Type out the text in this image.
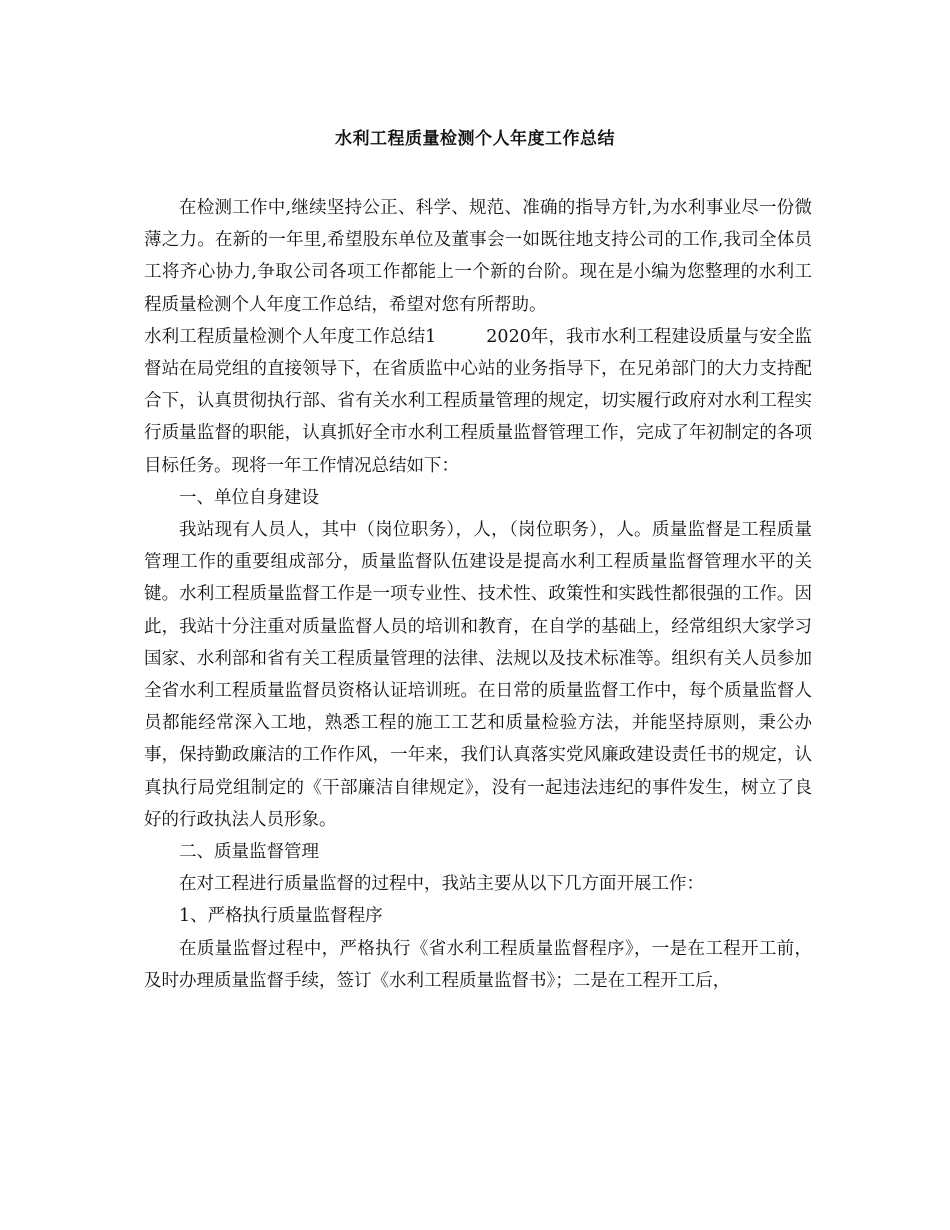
水利工程质量检测个人年度工作总结

在检测工作中,继续坚持公正、科学、规范、准确的指导方针,为水利事业尽一份微薄之力。在新的一年里,希望股东单位及董事会一如既往地支持公司的工作,我司全体员工将齐心协力,争取公司各项工作都能上一个新的台阶。现在是小编为您整理的水利工程质量检测个人年度工作总结，希望对您有所帮助。

水利工程质量检测个人年度工作总结1	2020年，我市水利工程建设质量与安全监督站在局党组的直接领导下，在省质监中心站的业务指导下，在兄弟部门的大力支持配合下，认真贯彻执行部、省有关水利工程质量管理的规定，切实履行政府对水利工程实行质量监督的职能，认真抓好全市水利工程质量监督管理工作，完成了年初制定的各项目标任务。现将一年工作情况总结如下：

一、单位自身建设

我站现有人员人，其中（岗位职务），人，（岗位职务），人。质量监督是工程质量管理工作的重要组成部分，质量监督队伍建设是提高水利工程质量监督管理水平的关键。水利工程质量监督工作是一项专业性、技术性、政策性和实践性都很强的工作。因此，我站十分注重对质量监督人员的培训和教育，在自学的基础上，经常组织大家学习国家、水利部和省有关工程质量管理的法律、法规以及技术标准等。组织有关人员参加全省水利工程质量监督员资格认证培训班。在日常的质量监督工作中，每个质量监督人员都能经常深入工地，熟悉工程的施工工艺和质量检验方法，并能坚持原则，秉公办事，保持勤政廉洁的工作作风，一年来，我们认真落实党风廉政建设责任书的规定，认真执行局党组制定的《干部廉洁自律规定》，没有一起违法违纪的事件发生，树立了良好的行政执法人员形象。

二、质量监督管理

在对工程进行质量监督的过程中，我站主要从以下几方面开展工作：

1、严格执行质量监督程序

在质量监督过程中，严格执行《省水利工程质量监督程序》，一是在工程开工前，及时办理质量监督手续，签订《水利工程质量监督书》；二是在工程开工后，
